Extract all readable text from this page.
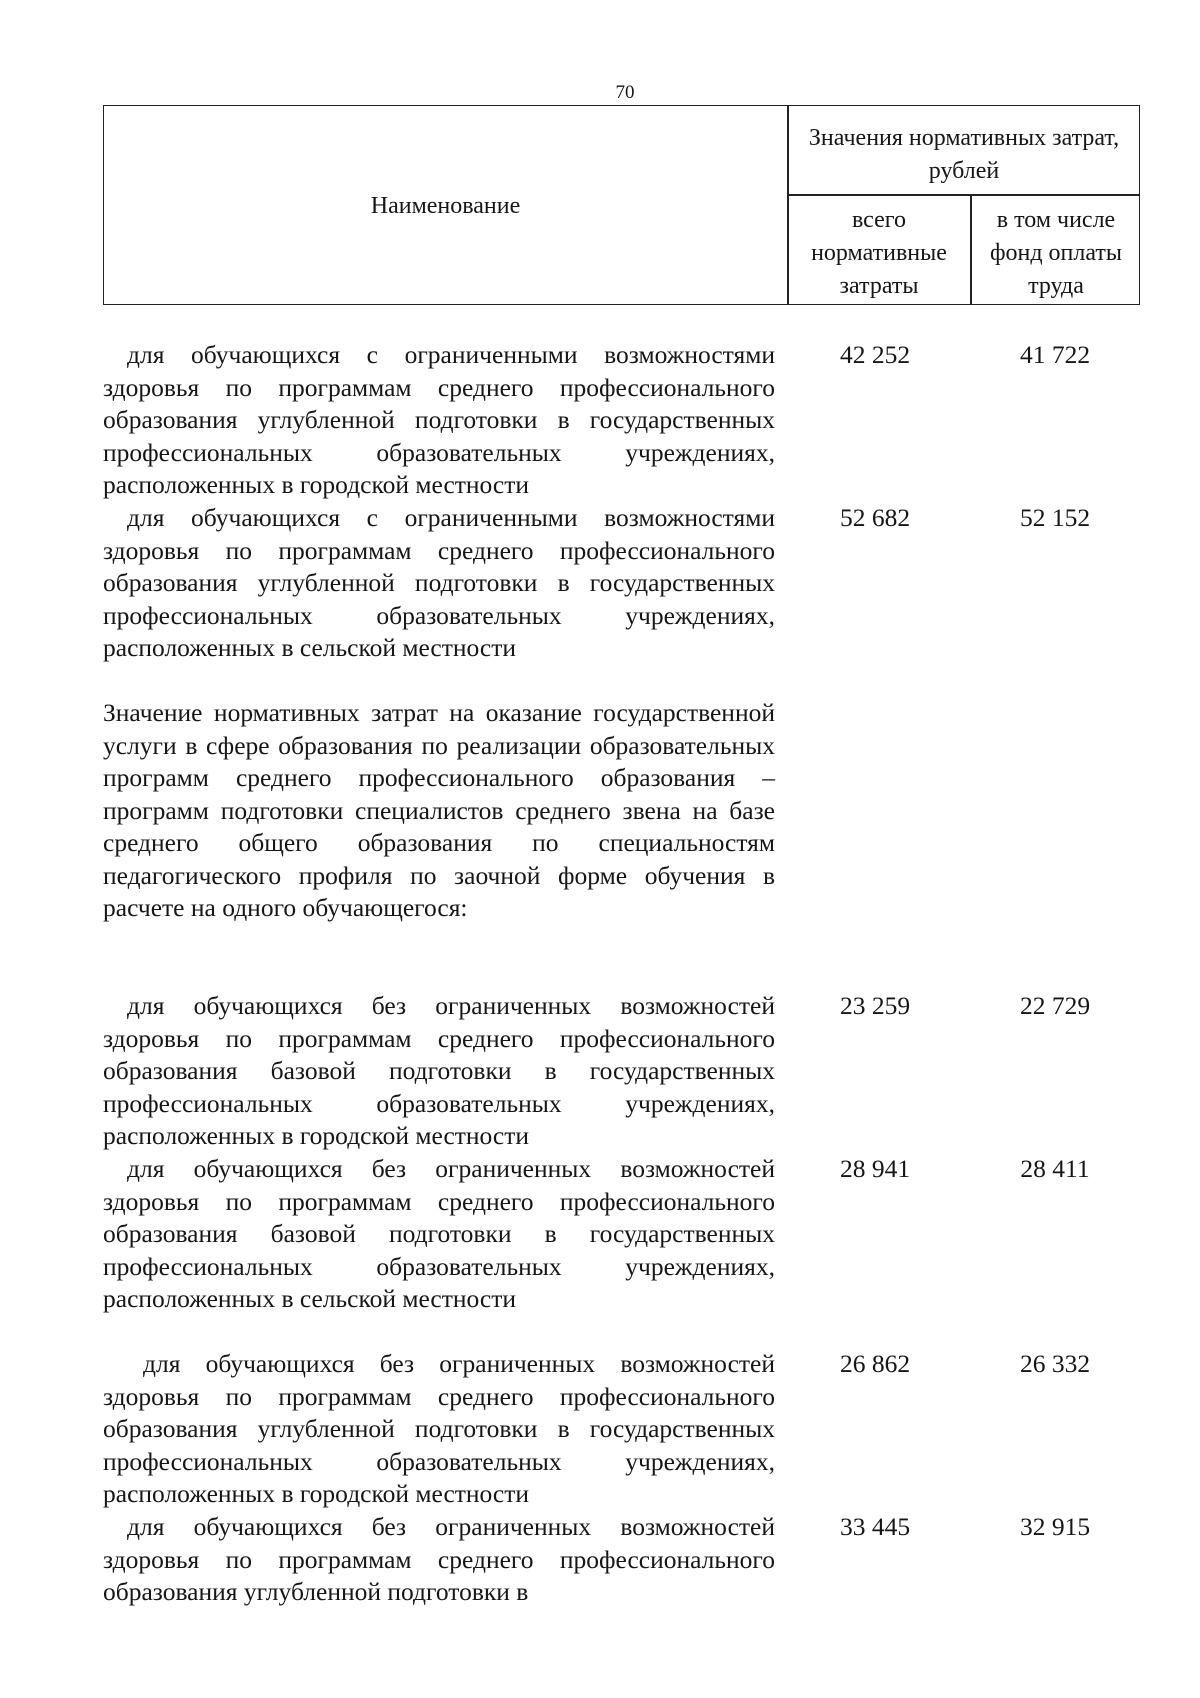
70
Наименование
Значения нормативных затрат, рублей
всего нормативные затраты
в том числе фонд оплаты труда
для обучающихся с ограниченными возможностями здоровья по программам среднего профессионального образования углубленной подготовки в государственных профессиональных образовательных учреждениях, расположенных в городской местности
42 252	41 722
для обучающихся с ограниченными возможностями здоровья по программам среднего профессионального образования углубленной подготовки в государственных профессиональных образовательных учреждениях, расположенных в сельской местности
52 682	52 152
Значение нормативных затрат на оказание государственной услуги в сфере образования по реализации образовательных программ среднего профессионального образования – программ подготовки специалистов среднего звена на базе среднего общего образования по специальностям педагогического профиля по заочной форме обучения в расчете на одного обучающегося:
для обучающихся без ограниченных возможностей здоровья по программам среднего профессионального образования базовой подготовки в государственных профессиональных образовательных учреждениях, расположенных в городской местности
23 259	22 729
для обучающихся без ограниченных возможностей здоровья по программам среднего профессионального образования базовой подготовки в государственных профессиональных образовательных учреждениях, расположенных в сельской местности
28 941	28 411
для обучающихся без ограниченных возможностей здоровья по программам среднего профессионального образования углубленной подготовки в государственных профессиональных образовательных учреждениях, расположенных в городской местности
26 862	26 332
для обучающихся без ограниченных возможностей здоровья по программам среднего профессионального образования углубленной подготовки в
33 445	32 915
